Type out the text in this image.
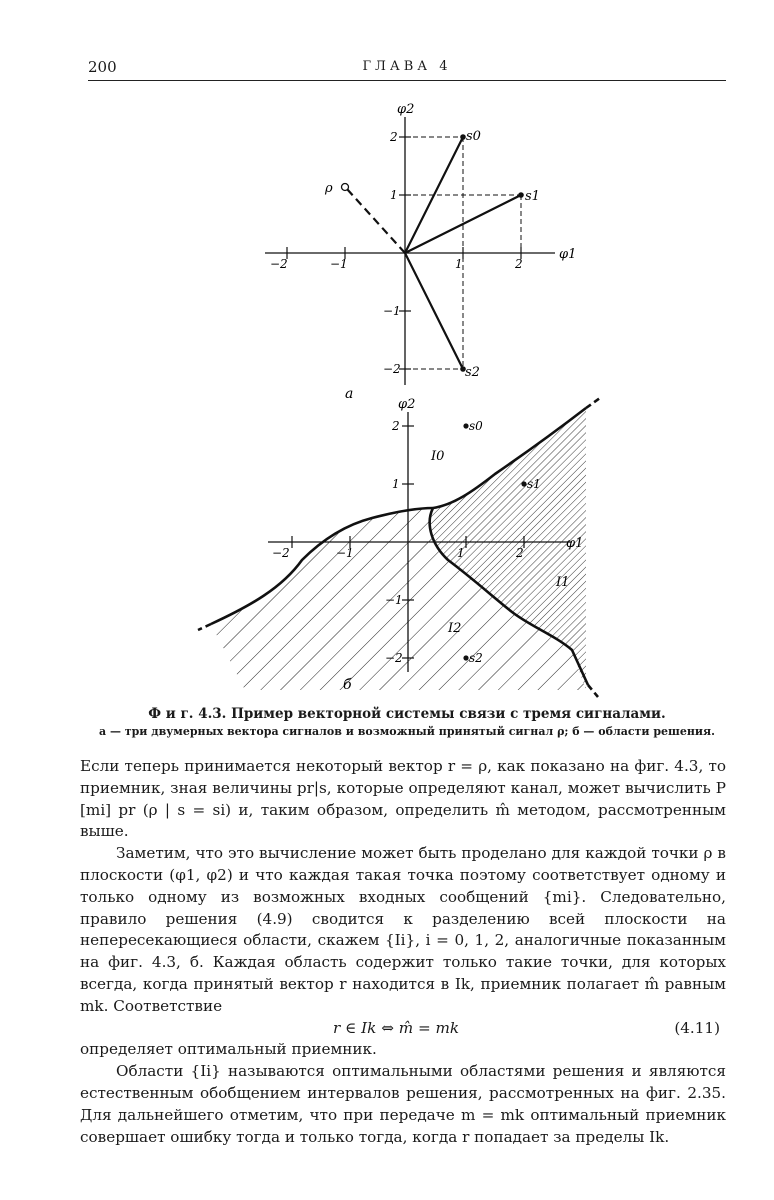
200	ГЛАВА 4
φ2
φ1
−2	−1	1	2
2
1
−1
−2
s0
s1
s2
ρ
а
φ2
φ1
−2	−1	1	2
2
1
−1
−2
s0
s1
s2
I0
I1
I2
б
Ф и г. 4.3. Пример векторной системы связи с тремя сигналами.
а — три двумерных вектора сигналов и возможный принятый сигнал ρ; б — области решения.

Если теперь принимается некоторый вектор r = ρ, как показано на фиг. 4.3, то приемник, зная величины pr|s, которые определяют канал, может вычислить P [mi] pr (ρ | s = si) и, таким образом, определить m̂ методом, рассмотренным выше.

Заметим, что это вычисление может быть проделано для каждой точки ρ в плоскости (φ1, φ2) и что каждая такая точка поэтому соответствует одному и только одному из возможных входных сообщений {mi}. Следовательно, правило решения (4.9) сводится к разделению всей плоскости на непересекающиеся области, скажем {Ii}, i = 0, 1, 2, аналогичные показанным на фиг. 4.3, б. Каждая область содержит только такие точки, для которых всегда, когда принятый вектор r находится в Ik, приемник полагает m̂ равным mk. Соответствие

r ∈ Ik ⇔ m̂ = mk	(4.11)

определяет оптимальный приемник.

Области {Ii} называются оптимальными областями решения и являются естественным обобщением интервалов решения, рассмотренных на фиг. 2.35. Для дальнейшего отметим, что при передаче m = mk оптимальный приемник совершает ошибку тогда и только тогда, когда r попадает за пределы Ik.
